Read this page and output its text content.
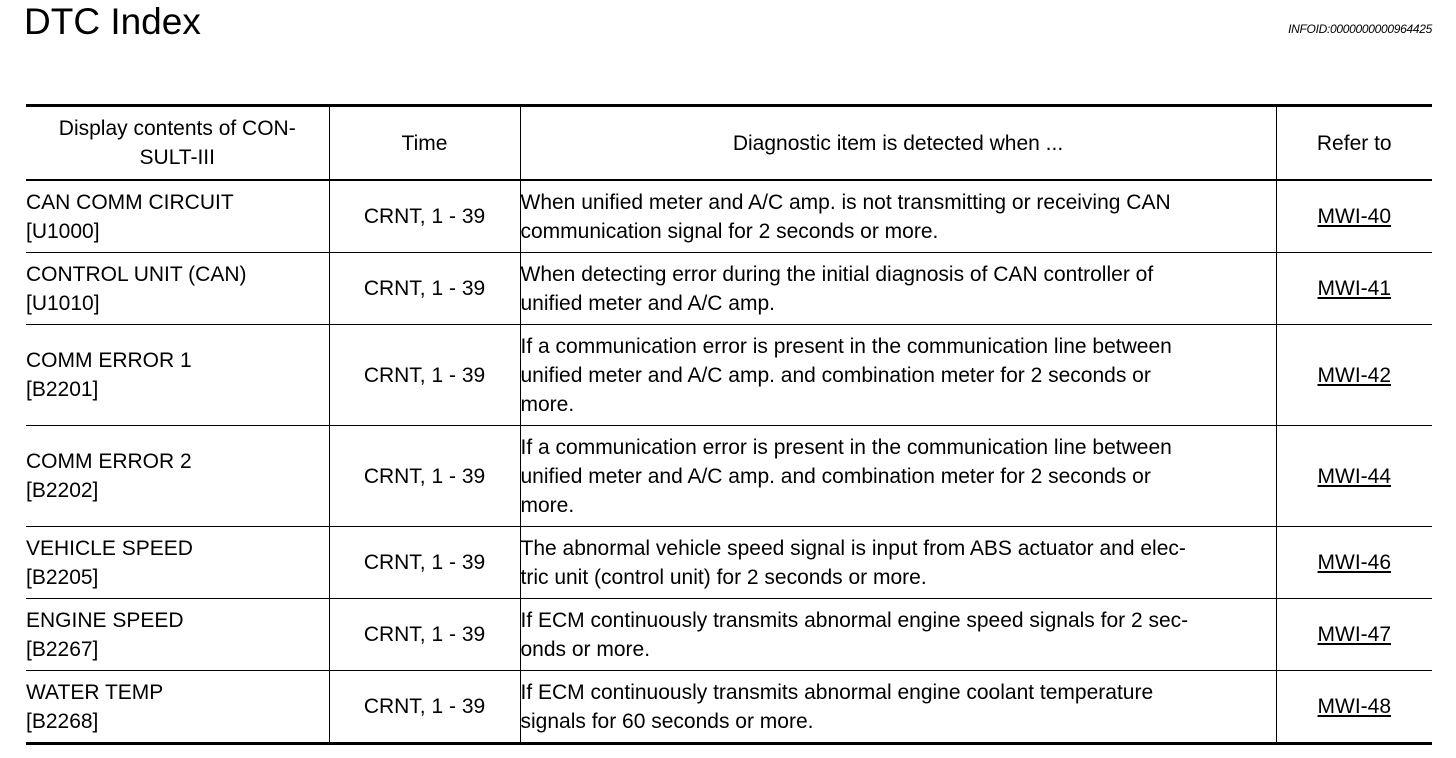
DTC Index	INFOID:0000000000964425
Display contents of CON-
SULT-III	Time	Diagnostic item is detected when ...	Refer to

CAN COMM CIRCUIT
[U1000]	CRNT, 1 - 39	When unified meter and A/C amp. is not transmitting or receiving CAN
communication signal for 2 seconds or more.	MWI-40

CONTROL UNIT (CAN)
[U1010]	CRNT, 1 - 39	When detecting error during the initial diagnosis of CAN controller of
unified meter and A/C amp.	MWI-41

COMM ERROR 1
[B2201]	CRNT, 1 - 39	If a communication error is present in the communication line between
unified meter and A/C amp. and combination meter for 2 seconds or
more.	MWI-42

COMM ERROR 2
[B2202]	CRNT, 1 - 39	If a communication error is present in the communication line between
unified meter and A/C amp. and combination meter for 2 seconds or
more.	MWI-44

VEHICLE SPEED
[B2205]	CRNT, 1 - 39	The abnormal vehicle speed signal is input from ABS actuator and elec-
tric unit (control unit) for 2 seconds or more.	MWI-46

ENGINE SPEED
[B2267]	CRNT, 1 - 39	If ECM continuously transmits abnormal engine speed signals for 2 sec-
onds or more.	MWI-47

WATER TEMP
[B2268]	CRNT, 1 - 39	If ECM continuously transmits abnormal engine coolant temperature
signals for 60 seconds or more.	MWI-48
